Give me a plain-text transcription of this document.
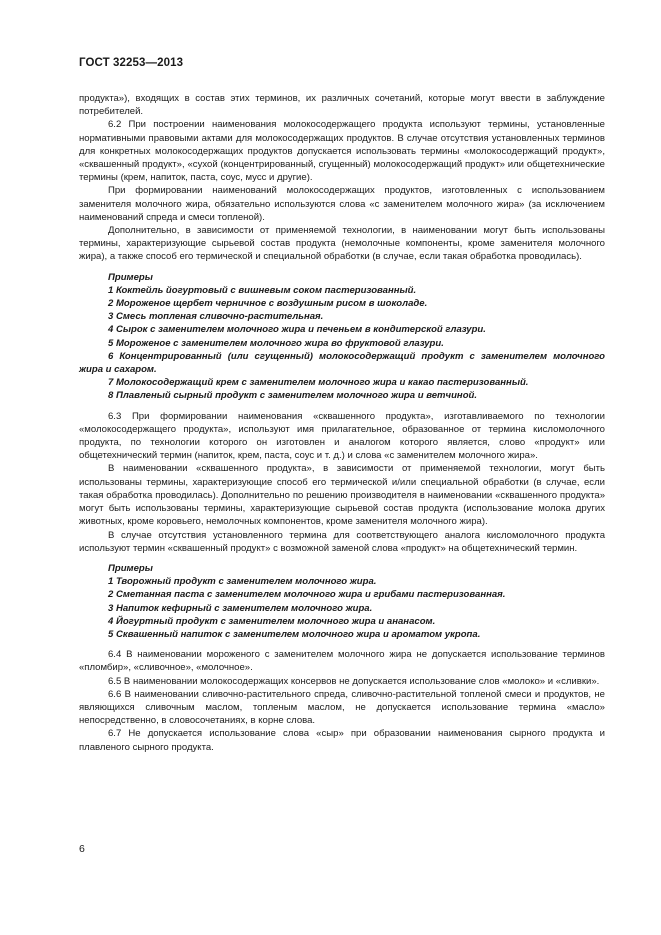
ГОСТ 32253—2013

продукта»), входящих в состав этих терминов, их различных сочетаний, которые могут ввести в заблуждение потребителей.

6.2 При построении наименования молокосодержащего продукта используют термины, установленные нормативными правовыми актами для молокосодержащих продуктов. В случае отсутствия установленных терминов для конкретных молокосодержащих продуктов допускается использовать термины «молокосодержащий продукт», «сквашенный продукт», «сухой (концентрированный, сгущенный) молокосодержащий продукт» или общетехнические термины (крем, напиток, паста, соус, мусс и другие).

При формировании наименований молокосодержащих продуктов, изготовленных с использованием заменителя молочного жира, обязательно используются слова «с заменителем молочного жира» (за исключением наименований спреда и смеси топленой).

Дополнительно, в зависимости от применяемой технологии, в наименовании могут быть использованы термины, характеризующие сырьевой состав продукта (немолочные компоненты, кроме заменителя молочного жира), а также способ его термической и специальной обработки (в случае, если такая обработка проводилась).

Примеры
1 Коктейль йогуртовый с вишневым соком пастеризованный.
2 Мороженое щербет черничное с воздушным рисом в шоколаде.
3 Смесь топленая сливочно-растительная.
4 Сырок с заменителем молочного жира и печеньем в кондитерской глазури.
5 Мороженое с заменителем молочного жира во фруктовой глазури.
6 Концентрированный (или сгущенный) молокосодержащий продукт с заменителем молочного
жира и сахаром.
7 Молокосодержащий крем с заменителем молочного жира и какао пастеризованный.
8 Плавленый сырный продукт с заменителем молочного жира и ветчиной.

6.3 При формировании наименования «сквашенного продукта», изготавливаемого по технологии «молокосодержащего продукта», используют имя прилагательное, образованное от термина кисломолочного продукта, по технологии которого он изготовлен и аналогом которого является, слово «продукт» или общетехнический термин (напиток, крем, паста, соус и т. д.) и слова «с заменителем молочного жира».

В наименовании «сквашенного продукта», в зависимости от применяемой технологии, могут быть использованы термины, характеризующие способ его термической и/или специальной обработки (в случае, если такая обработка проводилась). Дополнительно по решению производителя в наименовании «сквашенного продукта» могут быть использованы термины, характеризующие сырьевой состав продукта (использование молока других животных, кроме коровьего, немолочных компонентов, кроме заменителя молочного жира).

В случае отсутствия установленного термина для соответствующего аналога кисломолочного продукта используют термин «сквашенный продукт» с возможной заменой слова «продукт» на общетехнический термин.

Примеры
1 Творожный продукт с заменителем молочного жира.
2 Сметанная паста с заменителем молочного жира и грибами пастеризованная.
3 Напиток кефирный с заменителем молочного жира.
4 Йогуртный продукт с заменителем молочного жира и ананасом.
5 Сквашенный напиток с заменителем молочного жира и ароматом укропа.

6.4 В наименовании мороженого с заменителем молочного жира не допускается использование терминов «пломбир», «сливочное», «молочное».

6.5 В наименовании молокосодержащих консервов не допускается использование слов «молоко» и «сливки».

6.6 В наименовании сливочно-растительного спреда, сливочно-растительной топленой смеси и продуктов, не являющихся сливочным маслом, топленым маслом, не допускается использование термина «масло» непосредственно, в словосочетаниях, в корне слова.

6.7 Не допускается использование слова «сыр» при образовании наименования сырного продукта и плавленого сырного продукта.

6
